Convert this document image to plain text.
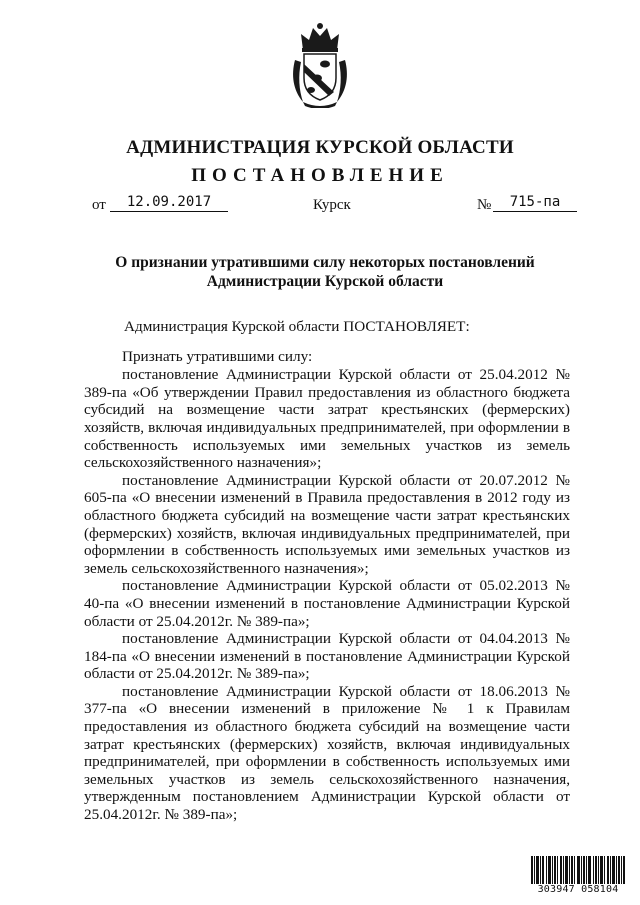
АДМИНИСТРАЦИЯ КУРСКОЙ ОБЛАСТИ
ПОСТАНОВЛЕНИЕ
от	12.09.2017	Курск	№	715-па
О признании утратившими силу некоторых постановлений
Администрации Курской области

Администрация Курской области ПОСТАНОВЛЯЕТ:

Признать утратившими силу:

постановление Администрации Курской области от 25.04.2012 № 389-па «Об утверждении Правил предоставления из областного бюджета субсидий на возмещение части затрат крестьянских (фермерских) хозяйств, включая индивидуальных предпринимателей, при оформлении в собственность используемых ими земельных участков из земель сельскохозяйственного назначения»;

постановление Администрации Курской области от 20.07.2012 № 605-па «О внесении изменений в Правила предоставления в 2012 году из областного бюджета субсидий на возмещение части затрат крестьянских (фермерских) хозяйств, включая индивидуальных предпринимателей, при оформлении в собственность используемых ими земельных участков из земель сельскохозяйственного назначения»;

постановление Администрации Курской области от 05.02.2013 № 40-па «О внесении изменений в постановление Администрации Курской области от 25.04.2012г. № 389-па»;

постановление Администрации Курской области от 04.04.2013 № 184-па «О внесении изменений в постановление Администрации Курской области от 25.04.2012г. № 389-па»;

постановление Администрации Курской области от 18.06.2013 № 377-па «О внесении изменений в приложение № 1 к Правилам предоставления из областного бюджета субсидий на возмещение части затрат крестьянских (фермерских) хозяйств, включая индивидуальных предпринимателей, при оформлении в собственность используемых ими земельных участков из земель сельскохозяйственного назначения, утвержденным постановлением Администрации Курской области от 25.04.2012г. № 389-па»;

303947 058104
